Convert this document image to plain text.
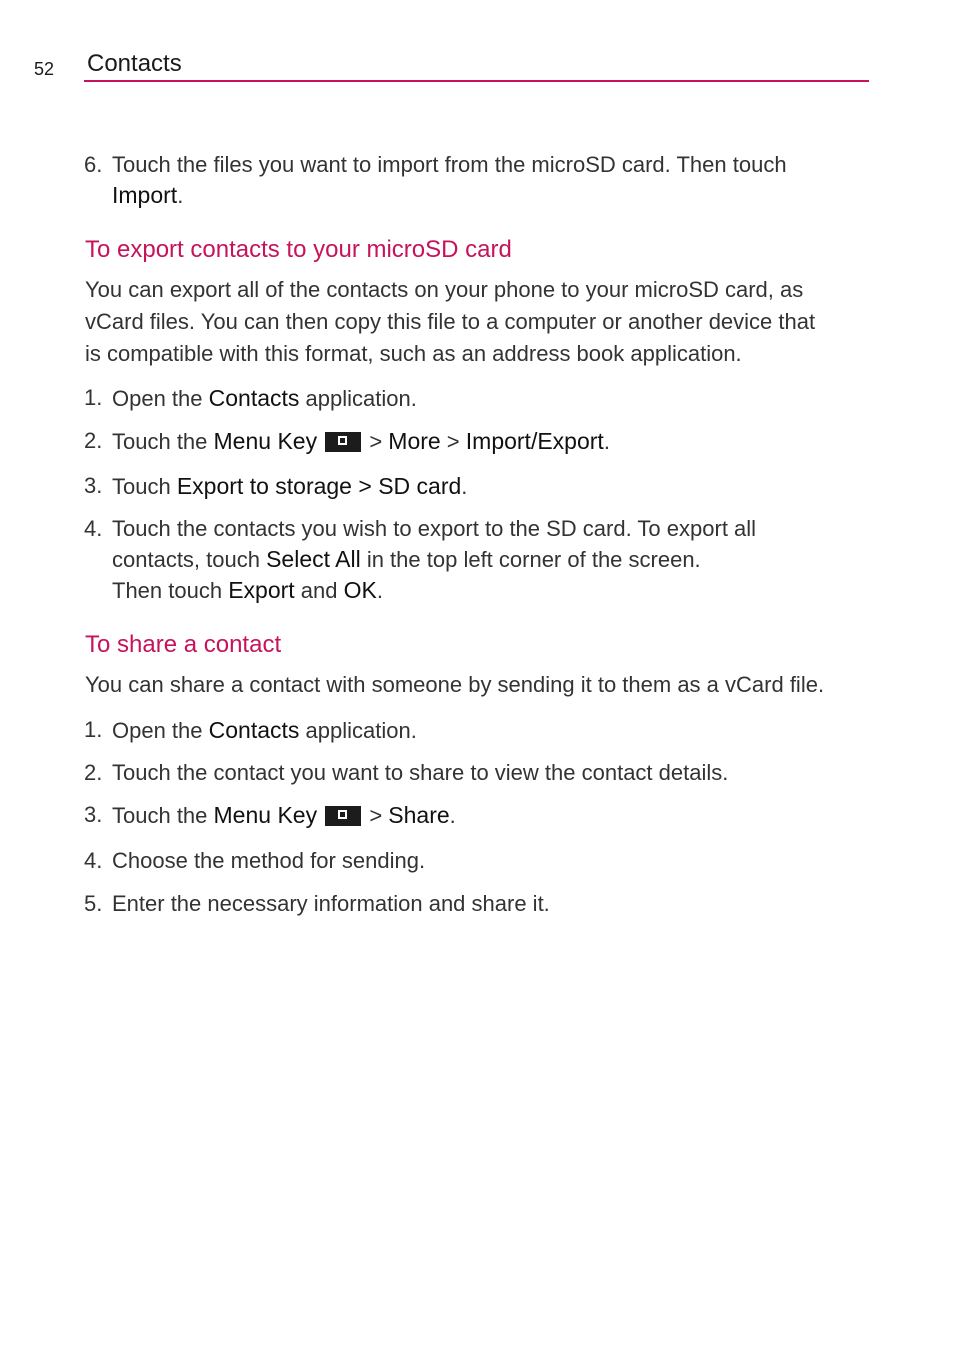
52 Contacts
6. Touch the files you want to import from the microSD card. Then touch
Import.
To export contacts to your microSD card
You can export all of the contacts on your phone to your microSD card, as
vCard files. You can then copy this file to a computer or another device that
is compatible with this format, such as an address book application.
1. Open the Contacts application.
2. Touch the Menu Key  > More > Import/Export.
3. Touch Export to storage > SD card.
4. Touch the contacts you wish to export to the SD card. To export all
contacts, touch Select All in the top left corner of the screen.
Then touch Export and OK.
To share a contact
You can share a contact with someone by sending it to them as a vCard file.
1. Open the Contacts application.
2. Touch the contact you want to share to view the contact details.
3. Touch the Menu Key  > Share.
4. Choose the method for sending.
5. Enter the necessary information and share it.
